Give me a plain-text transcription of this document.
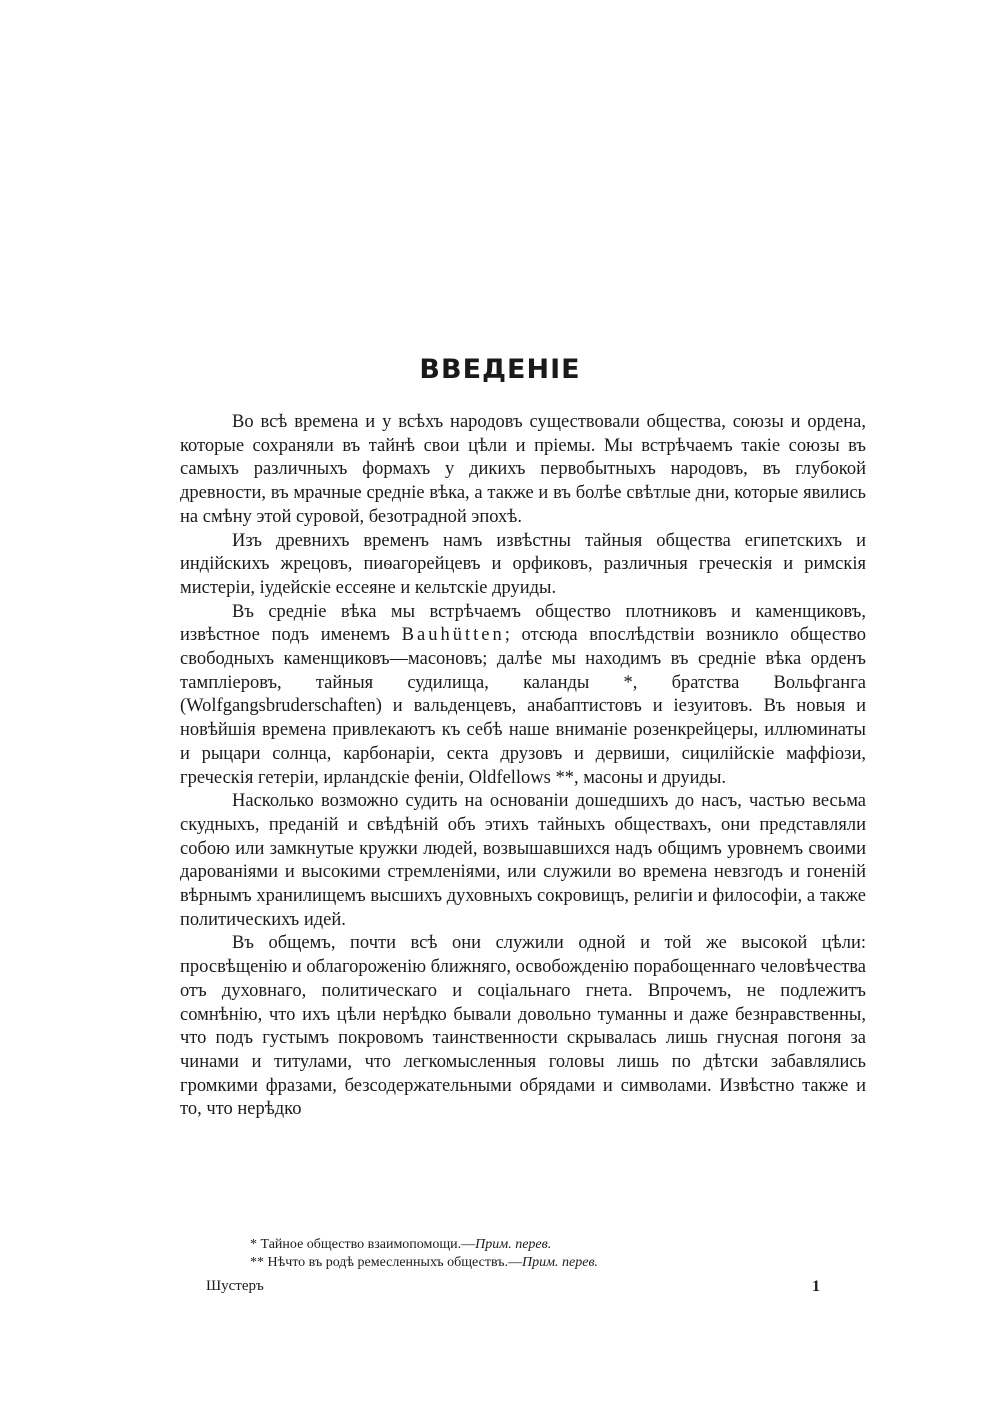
ВВЕДЕНІЕ

Во всѣ времена и у всѣхъ народовъ существовали общества, союзы и ордена, которые сохраняли въ тайнѣ свои цѣли и пріемы. Мы встрѣчаемъ такіе союзы въ самыхъ различныхъ формахъ у дикихъ первобытныхъ народовъ, въ глубокой древности, въ мрачные средніе вѣка, а также и въ болѣе свѣтлые дни, которые явились на смѣну этой суровой, безотрадной эпохѣ.

Изъ древнихъ временъ намъ извѣстны тайныя общества египетскихъ и индійскихъ жрецовъ, пиѳагорейцевъ и орфиковъ, различныя греческія и римскія мистеріи, іудейскіе ессеяне и кельтскіе друиды.

Въ средніе вѣка мы встрѣчаемъ общество плотниковъ и каменщиковъ, извѣстное подъ именемъ Bauhütten; отсюда впослѣдствіи возникло общество свободныхъ каменщиковъ—масоновъ; далѣе мы находимъ въ средніе вѣка орденъ тампліеровъ, тайныя судилища, каланды *, братства Вольфганга (Wolfgangsbruderschaften) и вальденцевъ, анабаптистовъ и іезуитовъ. Въ новыя и новѣйшія времена привлекаютъ къ себѣ наше вниманіе розенкрейцеры, иллюминаты и рыцари солнца, карбонаріи, секта друзовъ и дервиши, сицилійскіе маффіози, греческія гетеріи, ирландскіе феніи, Oldfellows **, масоны и друиды.

Насколько возможно судить на основаніи дошедшихъ до насъ, частью весьма скудныхъ, преданій и свѣдѣній объ этихъ тайныхъ обществахъ, они представляли собою или замкнутые кружки людей, возвышавшихся надъ общимъ уровнемъ своими дарованіями и высокими стремленіями, или служили во времена невзгодъ и гоненій вѣрнымъ хранилищемъ высшихъ духовныхъ сокровищъ, религіи и философіи, а также политическихъ идей.

Въ общемъ, почти всѣ они служили одной и той же высокой цѣли: просвѣщенію и облагороженію ближняго, освобожденію порабощеннаго человѣчества отъ духовнаго, политическаго и соціальнаго гнета. Впрочемъ, не подлежитъ сомнѣнію, что ихъ цѣли нерѣдко бывали довольно туманны и даже безнравственны, что подъ густымъ покровомъ таинственности скрывалась лишь гнусная погоня за чинами и титулами, что легкомысленныя головы лишь по дѣтски забавлялись громкими фразами, безсодержательными обрядами и символами. Извѣстно также и то, что нерѣдко

* Тайное общество взаимопомощи.—Прим. перев.
** Нѣчто въ родѣ ремесленныхъ обществъ.—Прим. перев.
Шустеръ	1
